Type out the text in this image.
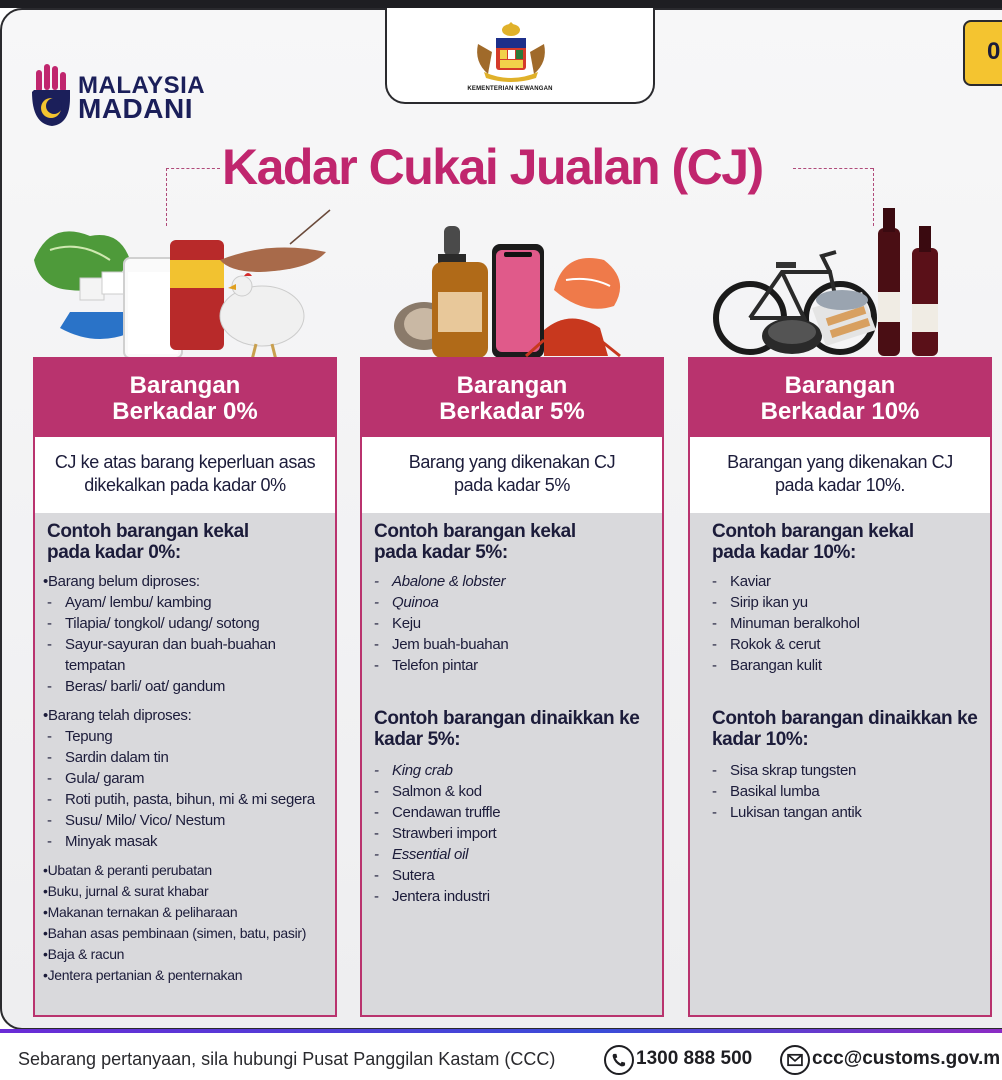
KEMENTERIAN KEWANGAN
0
MALAYSIA
MADANI
Kadar Cukai Jualan (CJ)
Barangan
Berkadar 0%
CJ ke atas barang keperluan asas dikekalkan pada kadar 0%
Contoh barangan kekal pada kadar 0%:
• Barang belum diproses:
- Ayam/ lembu/ kambing
- Tilapia/ tongkol/ udang/ sotong
- Sayur-sayuran dan buah-buahan tempatan
- Beras/ barli/ oat/ gandum
• Barang telah diproses:
- Tepung
- Sardin dalam tin
- Gula/ garam
- Roti putih, pasta, bihun, mi & mi segera
- Susu/ Milo/ Vico/ Nestum
- Minyak masak
• Ubatan & peranti perubatan
• Buku, jurnal & surat khabar
• Makanan ternakan & peliharaan
• Bahan asas pembinaan (simen, batu, pasir)
• Baja & racun
• Jentera pertanian & penternakan
Barangan
Berkadar 5%
Barang yang dikenakan CJ pada kadar 5%
Contoh barangan kekal pada kadar 5%:
- Abalone & lobster
- Quinoa
- Keju
- Jem buah-buahan
- Telefon pintar
Contoh barangan dinaikkan ke kadar 5%:
- King crab
- Salmon & kod
- Cendawan truffle
- Strawberi import
- Essential oil
- Sutera
- Jentera industri
Barangan
Berkadar 10%
Barangan yang dikenakan CJ pada kadar 10%.
Contoh barangan kekal pada kadar 10%:
- Kaviar
- Sirip ikan yu
- Minuman beralkohol
- Rokok & cerut
- Barangan kulit
Contoh barangan dinaikkan ke kadar 10%:
- Sisa skrap tungsten
- Basikal lumba
- Lukisan tangan antik
Sebarang pertanyaan, sila hubungi Pusat Panggilan Kastam (CCC)	1300 888 500	ccc@customs.gov.m
